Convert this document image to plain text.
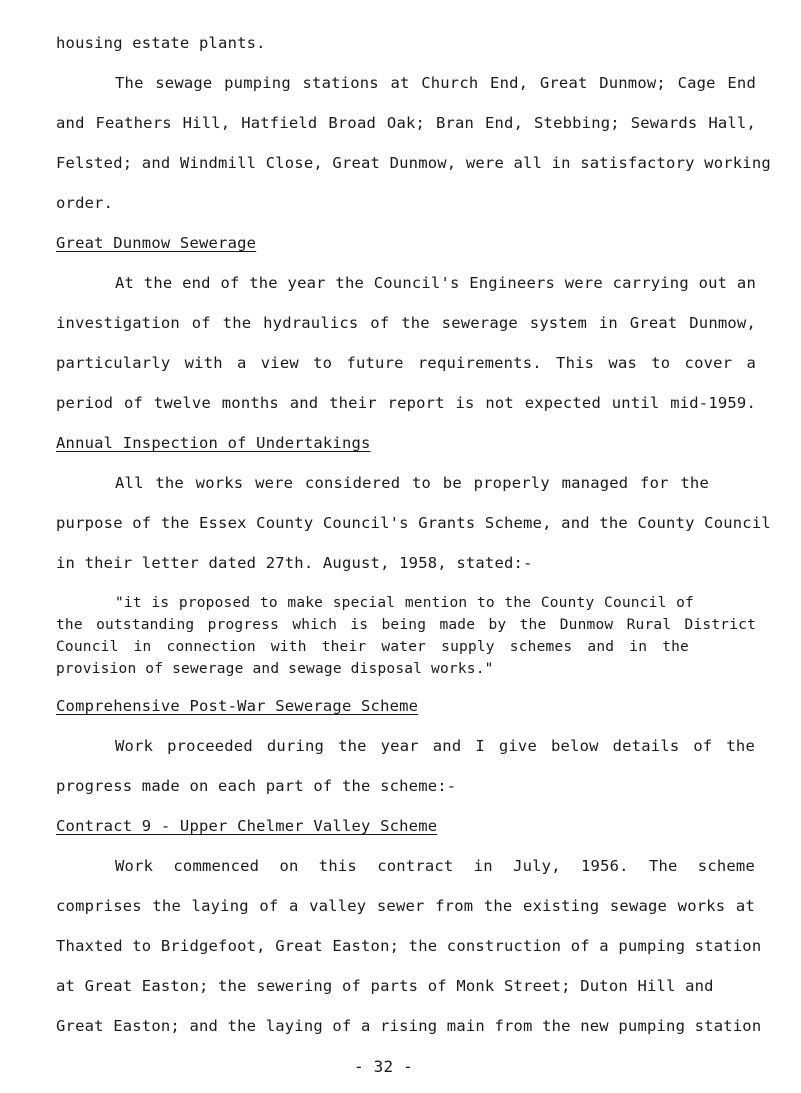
housing estate plants.
The sewage pumping stations at Church End, Great Dunmow; Cage End
and Feathers Hill, Hatfield Broad Oak; Bran End, Stebbing; Sewards Hall,
Felsted; and Windmill Close, Great Dunmow, were all in satisfactory working
order.
Great Dunmow Sewerage
At the end of the year the Council's Engineers were carrying out an
investigation of the hydraulics of the sewerage system in Great Dunmow,
particularly with a view to future requirements. This was to cover a
period of twelve months and their report is not expected until mid-1959.
Annual Inspection of Undertakings
All the works were considered to be properly managed for the
purpose of the Essex County Council's Grants Scheme, and the County Council
in their letter dated 27th. August, 1958, stated:-
"it is proposed to make special mention to the County Council of
the outstanding progress which is being made by the Dunmow Rural District
Council in connection with their water supply schemes and in the
provision of sewerage and sewage disposal works."
Comprehensive Post-War Sewerage Scheme
Work proceeded during the year and I give below details of the
progress made on each part of the scheme:-
Contract 9 - Upper Chelmer Valley Scheme
Work commenced on this contract in July, 1956. The scheme
comprises the laying of a valley sewer from the existing sewage works at
Thaxted to Bridgefoot, Great Easton; the construction of a pumping station
at Great Easton; the sewering of parts of Monk Street; Duton Hill and
Great Easton; and the laying of a rising main from the new pumping station
- 32 -
